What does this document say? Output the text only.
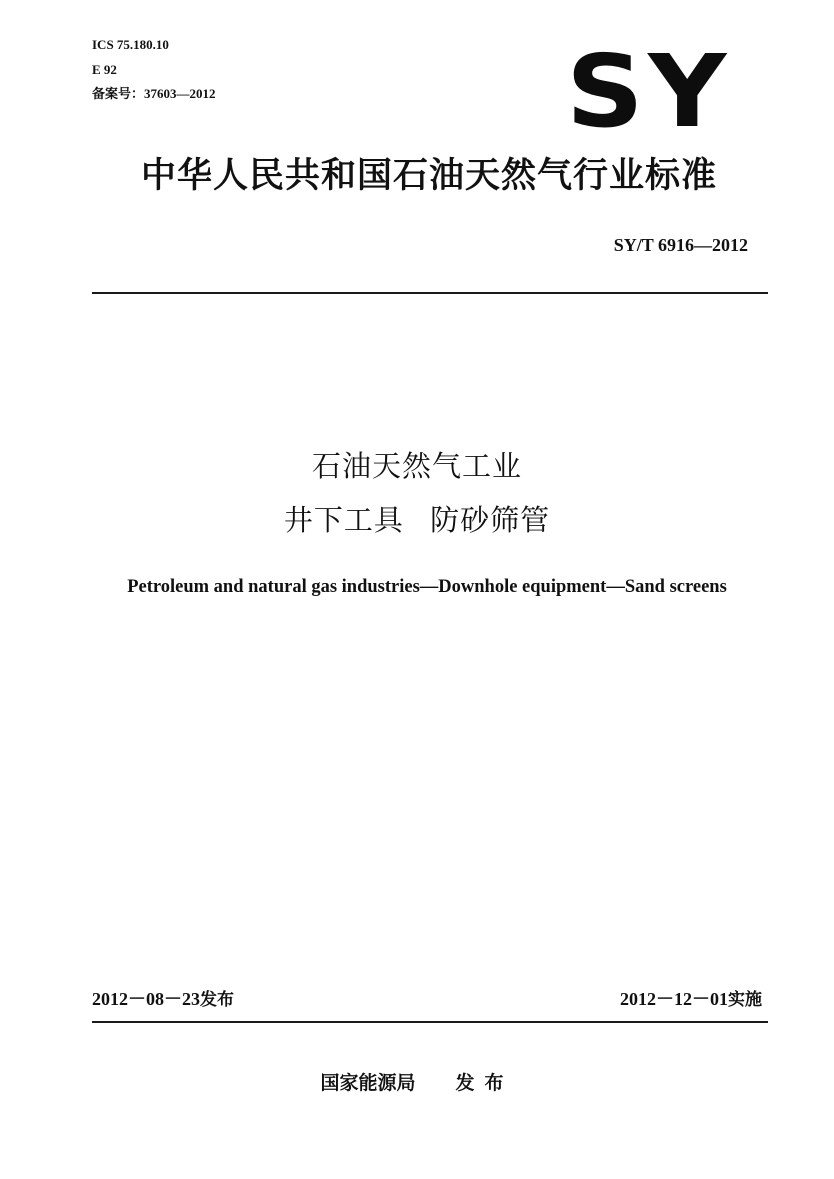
ICS 75.180.10
E 92
备案号：37603—2012	SY
中华人民共和国石油天然气行业标准
SY/T 6916—2012
石油天然气工业
井下工具 防砂筛管
Petroleum and natural gas industries—Downhole equipment—Sand screens
2012－08－23发布	2012－12－01实施
国家能源局 发布
